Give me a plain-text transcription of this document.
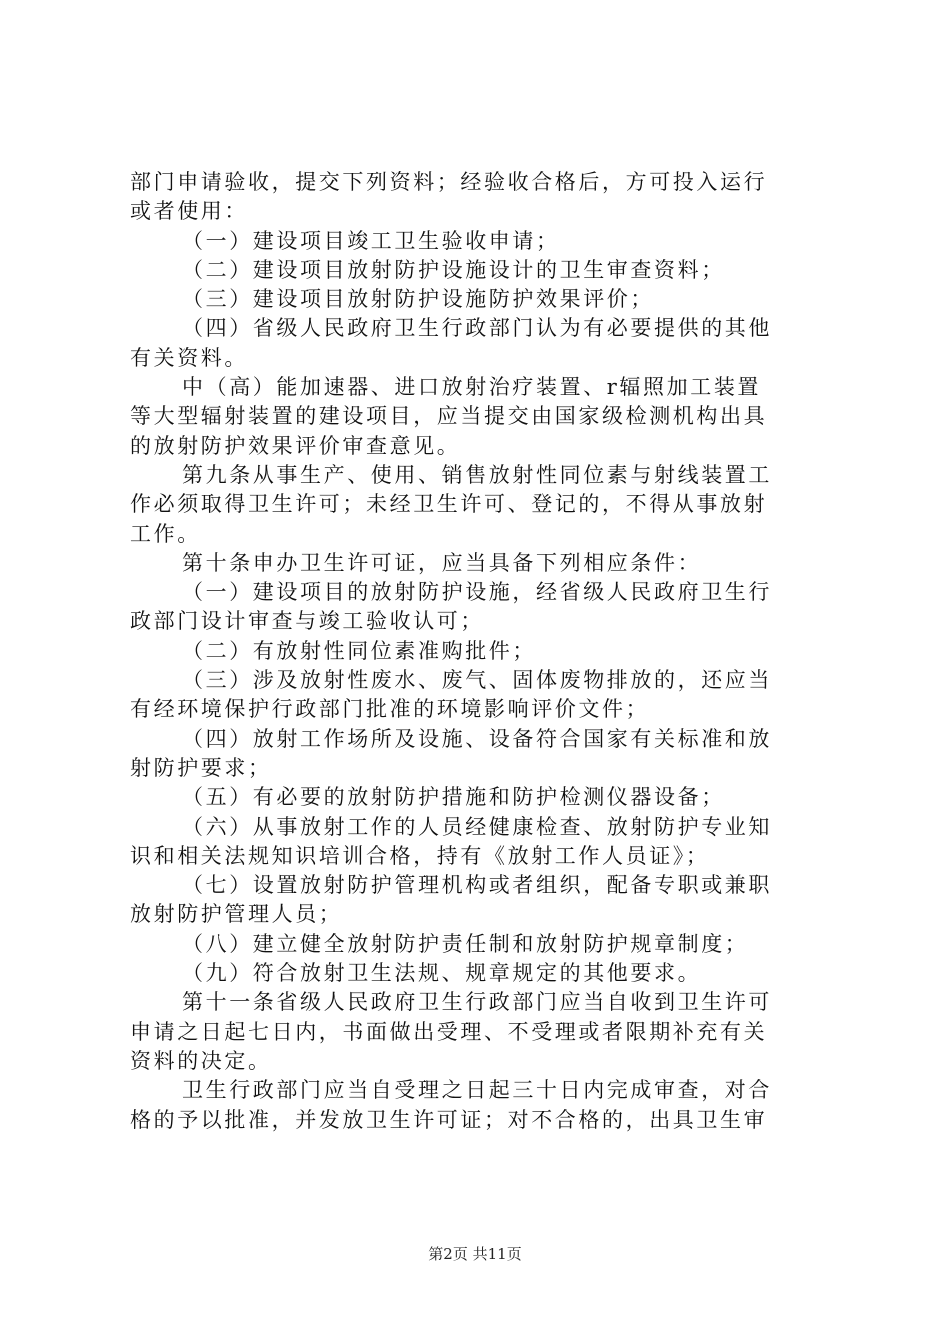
部门申请验收，提交下列资料；经验收合格后，方可投入运行
或者使用：
（一）建设项目竣工卫生验收申请；
（二）建设项目放射防护设施设计的卫生审查资料；
（三）建设项目放射防护设施防护效果评价；
（四）省级人民政府卫生行政部门认为有必要提供的其他
有关资料。
中（高）能加速器、进口放射治疗装置、r辐照加工装置
等大型辐射装置的建设项目，应当提交由国家级检测机构出具
的放射防护效果评价审查意见。
第九条从事生产、使用、销售放射性同位素与射线装置工
作必须取得卫生许可；未经卫生许可、登记的，不得从事放射
工作。
第十条申办卫生许可证，应当具备下列相应条件：
（一）建设项目的放射防护设施，经省级人民政府卫生行
政部门设计审查与竣工验收认可；
（二）有放射性同位素准购批件；
（三）涉及放射性废水、废气、固体废物排放的，还应当
有经环境保护行政部门批准的环境影响评价文件；
（四）放射工作场所及设施、设备符合国家有关标准和放
射防护要求；
（五）有必要的放射防护措施和防护检测仪器设备；
（六）从事放射工作的人员经健康检查、放射防护专业知
识和相关法规知识培训合格，持有《放射工作人员证》；
（七）设置放射防护管理机构或者组织，配备专职或兼职
放射防护管理人员；
（八）建立健全放射防护责任制和放射防护规章制度；
（九）符合放射卫生法规、规章规定的其他要求。
第十一条省级人民政府卫生行政部门应当自收到卫生许可
申请之日起七日内，书面做出受理、不受理或者限期补充有关
资料的决定。
卫生行政部门应当自受理之日起三十日内完成审查，对合
格的予以批准，并发放卫生许可证；对不合格的，出具卫生审
第2页 共11页
